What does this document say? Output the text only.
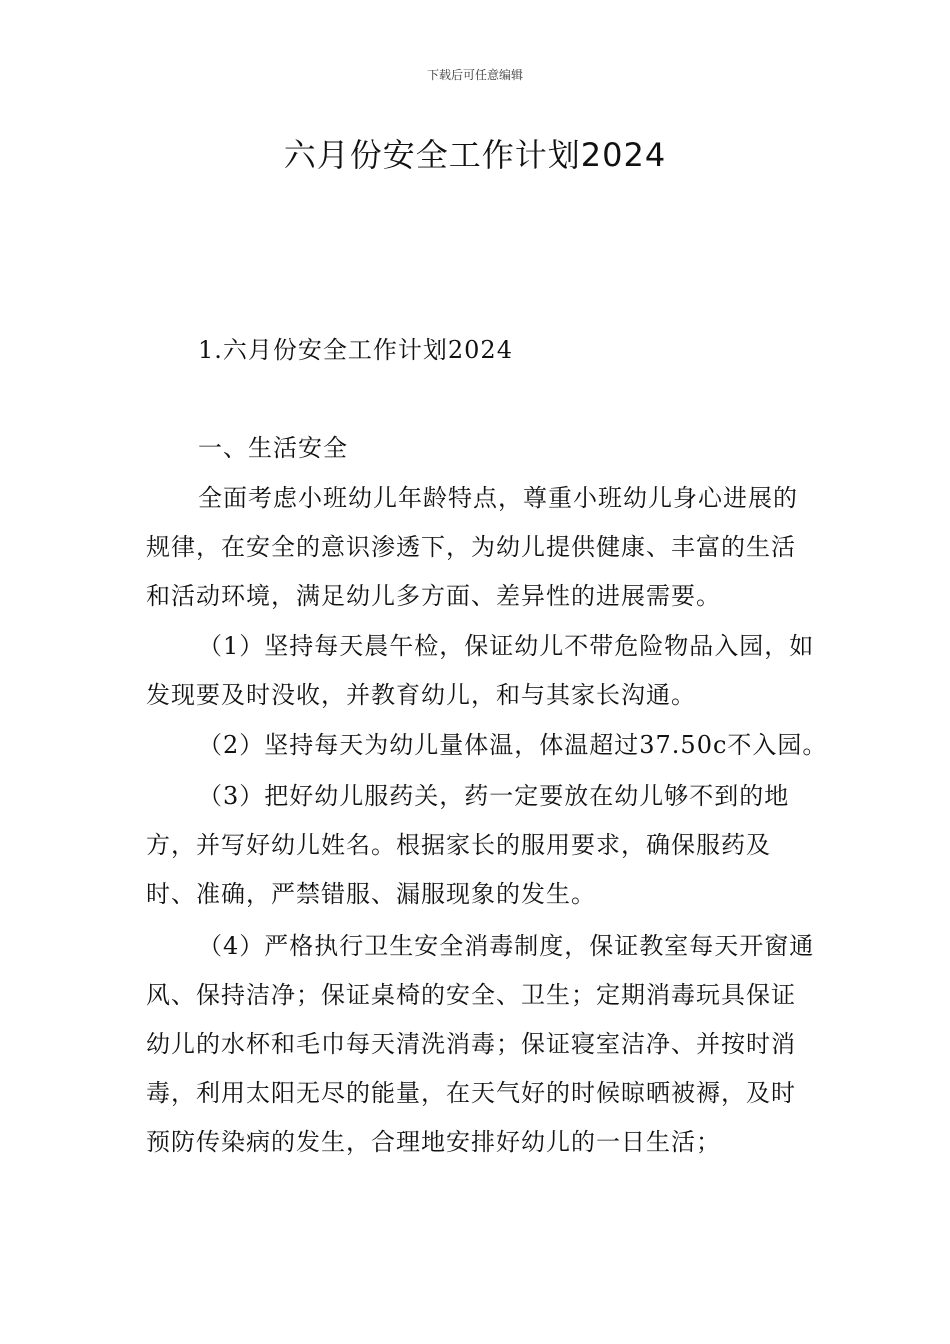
下载后可任意编辑
六月份安全工作计划2024

1.六月份安全工作计划2024

一、生活安全

全面考虑小班幼儿年龄特点，尊重小班幼儿身心进展的规律，在安全的意识渗透下，为幼儿提供健康、丰富的生活和活动环境，满足幼儿多方面、差异性的进展需要。

（1）坚持每天晨午检，保证幼儿不带危险物品入园，如发现要及时没收，并教育幼儿，和与其家长沟通。

（2）坚持每天为幼儿量体温，体温超过37.50c不入园。

（3）把好幼儿服药关，药一定要放在幼儿够不到的地方，并写好幼儿姓名。根据家长的服用要求，确保服药及时、准确，严禁错服、漏服现象的发生。

（4）严格执行卫生安全消毒制度，保证教室每天开窗通风、保持洁净；保证桌椅的安全、卫生；定期消毒玩具保证幼儿的水杯和毛巾每天清洗消毒；保证寝室洁净、并按时消毒，利用太阳无尽的能量，在天气好的时候晾晒被褥，及时预防传染病的发生，合理地安排好幼儿的一日生活；
